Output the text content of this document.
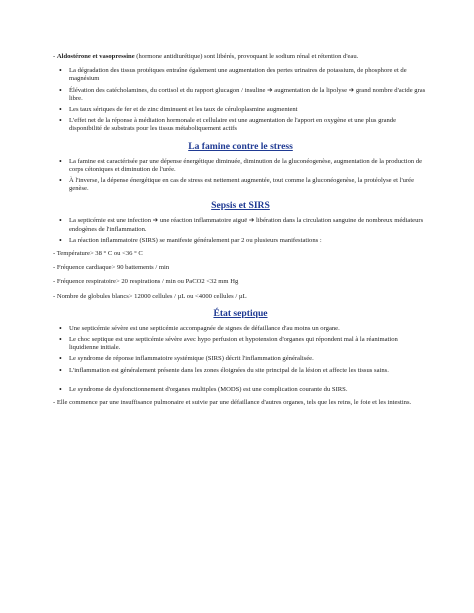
- Aldostérone et vasopressine (hormone antidiurétique) sont libérés, provoquant le sodium rénal et rétention d'eau.

• La dégradation des tissus protéiques entraîne également une augmentation des pertes urinaires de potassium, de phosphore et de magnésium
• Élévation des catécholamines, du cortisol et du rapport glucagon / insuline ➔ augmentation de la lipolyse ➔ grand nombre d'acide gras libre.
• Les taux sériques de fer et de zinc diminuent et les taux de céruloplasmine augmentent
• L'effet net de la réponse à médiation hormonale et cellulaire est une augmentation de l'apport en oxygène et une plus grande disponibilité de substrats pour les tissus métaboliquement actifs
La famine contre le stress
• La famine est caractérisée par une dépense énergétique diminuée, diminution de la gluconéogenèse, augmentation de la production de corps cétoniques et diminution de l'urée.
• À l'inverse, la dépense énergétique en cas de stress est nettement augmentée, tout comme la gluconéogenèse, la protéolyse et l'urée genèse.
Sepsis et SIRS
• La septicémie est une infection ➔ une réaction inflammatoire aiguë ➔ libération dans la circulation sanguine de nombreux médiateurs endogènes de l'inflammation.
• La réaction inflammatoire (SIRS) se manifeste généralement par 2 ou plusieurs manifestations :

- Température> 38 ° C ou <36 ° C

- Fréquence cardiaque> 90 battements / min

- Fréquence respiratoire> 20 respirations / min ou PaCO2 <32 mm Hg

- Nombre de globules blancs> 12000 cellules / µL ou <4000 cellules / µL

État septique
• Une septicémie sévère est une septicémie accompagnée de signes de défaillance d'au moins un organe.
• Le choc septique est une septicémie sévère avec hypo perfusion et hypotension d'organes qui répondent mal à la réanimation liquidienne initiale.
• Le syndrome de réponse inflammatoire systémique (SIRS) décrit l'inflammation généralisée.
• L'inflammation est généralement présente dans les zones éloignées du site principal de la lésion et affecte les tissus sains.
• Le syndrome de dysfonctionnement d'organes multiples (MODS) est une complication courante du SIRS.

- Elle commence par une insuffisance pulmonaire et suivie par une défaillance d'autres organes, tels que les reins, le foie et les intestins.
